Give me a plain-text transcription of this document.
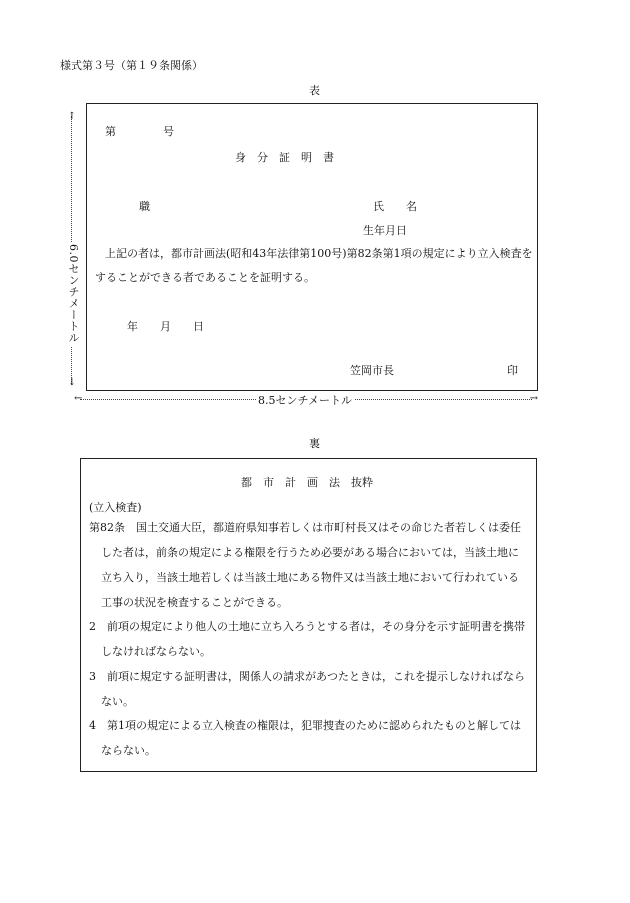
様式第３号（第１９条関係）
表
↑
↓
6.0センチメートル
第	号
身　分　証　明　書
職	氏　　名
生年月日
上記の者は，都市計画法(昭和43年法律第100号)第82条第1項の規定により立入検査を
することができる者であることを証明する。
年　　月　　日
笠岡市長	印
←	→
8.5センチメートル
裏
都　市　計　画　法　抜粋
(立入検査)
第82条　国土交通大臣，都道府県知事若しくは市町村長又はその命じた者若しくは委任
した者は，前条の規定による権限を行うため必要がある場合においては，当該土地に
立ち入り，当該土地若しくは当該土地にある物件又は当該土地において行われている
工事の状況を検査することができる。
2　前項の規定により他人の土地に立ち入ろうとする者は，その身分を示す証明書を携帯
しなければならない。
3　前項に規定する証明書は，関係人の請求があつたときは，これを提示しなければなら
ない。
4　第1項の規定による立入検査の権限は，犯罪捜査のために認められたものと解しては
ならない。
